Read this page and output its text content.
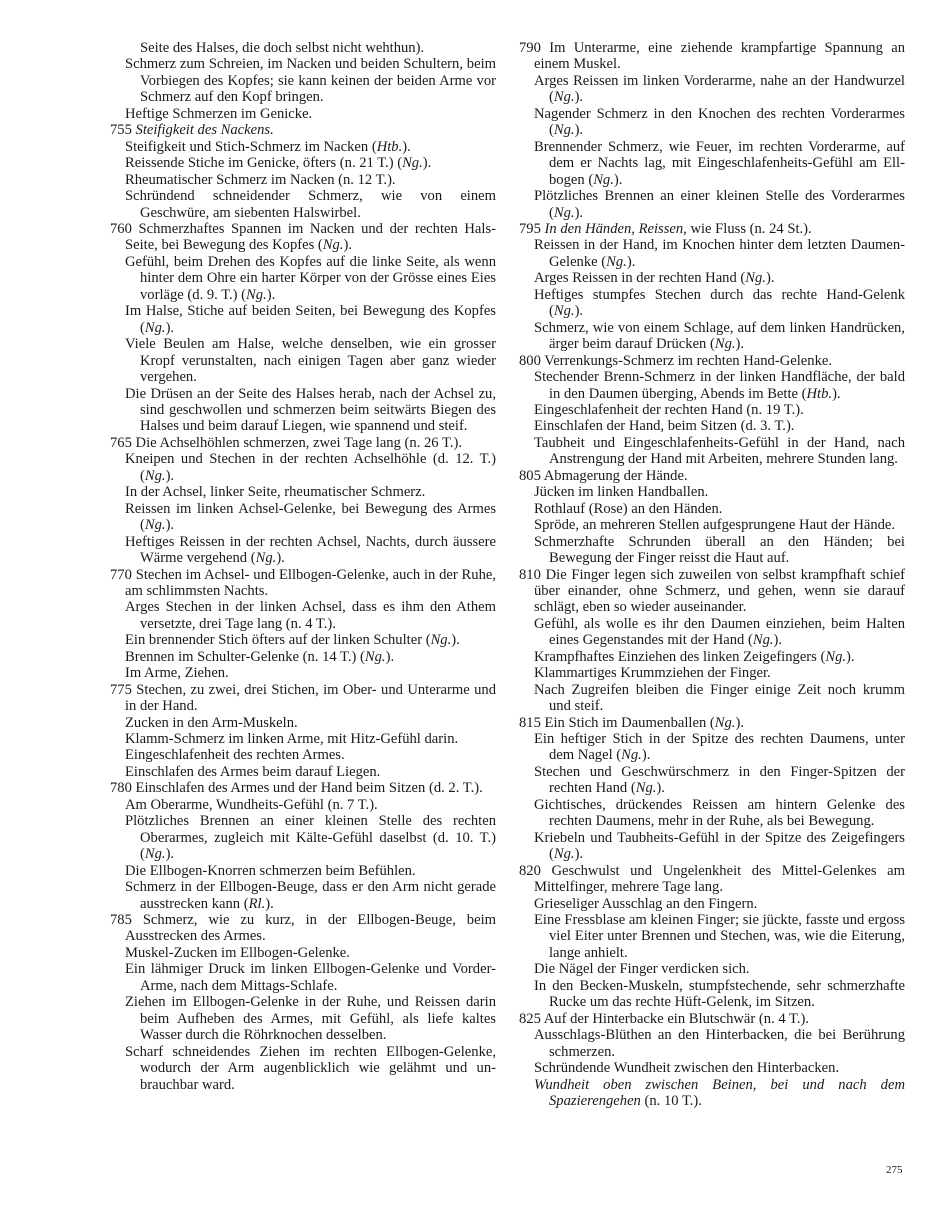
Seite des Halses, die doch selbst nicht wehthun).
Schmerz zum Schreien, im Nacken und beiden Schultern, beim Vorbiegen des Kopfes; sie kann keinen der beiden Arme vor Schmerz auf den Kopf bringen.
Heftige Schmerzen im Genicke.
755 Steifigkeit des Nackens.
Steifigkeit und Stich-Schmerz im Nacken (Htb.).
Reissende Stiche im Genicke, öfters (n. 21 T.) (Ng.).
Rheumatischer Schmerz im Nacken (n. 12 T.).
Schründend schneidender Schmerz, wie von einem Geschwüre, am siebenten Halswirbel.
760 Schmerzhaftes Spannen im Nacken und der rechten Hals-Seite, bei Bewegung des Kopfes (Ng.).
Gefühl, beim Drehen des Kopfes auf die linke Seite, als wenn hinter dem Ohre ein harter Körper von der Grösse eines Eies vorläge (d. 9. T.) (Ng.).
Im Halse, Stiche auf beiden Seiten, bei Bewegung des Kopfes (Ng.).
Viele Beulen am Halse, welche denselben, wie ein grosser Kropf verunstalten, nach einigen Tagen aber ganz wieder vergehen.
Die Drüsen an der Seite des Halses herab, nach der Achsel zu, sind geschwollen und schmerzen beim seitwärts Biegen des Halses und beim darauf Liegen, wie spannend und steif.
765 Die Achselhöhlen schmerzen, zwei Tage lang (n. 26 T.).
Kneipen und Stechen in der rechten Achselhöhle (d. 12. T.) (Ng.).
In der Achsel, linker Seite, rheumatischer Schmerz.
Reissen im linken Achsel-Gelenke, bei Bewegung des Armes (Ng.).
Heftiges Reissen in der rechten Achsel, Nachts, durch äussere Wärme vergehend (Ng.).
770 Stechen im Achsel- und Ellbogen-Gelenke, auch in der Ruhe, am schlimmsten Nachts.
Arges Stechen in der linken Achsel, dass es ihm den Athem versetzte, drei Tage lang (n. 4 T.).
Ein brennender Stich öfters auf der linken Schulter (Ng.).
Brennen im Schulter-Gelenke (n. 14 T.) (Ng.).
Im Arme, Ziehen.
775 Stechen, zu zwei, drei Stichen, im Ober- und Unterarme und in der Hand.
Zucken in den Arm-Muskeln.
Klamm-Schmerz im linken Arme, mit Hitz-Gefühl darin.
Eingeschlafenheit des rechten Armes.
Einschlafen des Armes beim darauf Liegen.
780 Einschlafen des Armes und der Hand beim Sitzen (d. 2. T.).
Am Oberarme, Wundheits-Gefühl (n. 7 T.).
Plötzliches Brennen an einer kleinen Stelle des rechten Oberarmes, zugleich mit Kälte-Gefühl daselbst (d. 10. T.) (Ng.).
Die Ellbogen-Knorren schmerzen beim Befühlen.
Schmerz in der Ellbogen-Beuge, dass er den Arm nicht gerade ausstrecken kann (Rl.).
785 Schmerz, wie zu kurz, in der Ellbogen-Beuge, beim Ausstrecken des Armes.
Muskel-Zucken im Ellbogen-Gelenke.
Ein lähmiger Druck im linken Ellbogen-Gelenke und Vorder-Arme, nach dem Mittags-Schlafe.
Ziehen im Ellbogen-Gelenke in der Ruhe, und Reissen darin beim Aufheben des Armes, mit Gefühl, als liefe kaltes Wasser durch die Röhrknochen desselben.
Scharf schneidendes Ziehen im rechten Ellbogen-Gelenke, wodurch der Arm augenblicklich wie gelähmt und unbrauchbar ward.
790 Im Unterarme, eine ziehende krampfartige Spannung an einem Muskel.
Arges Reissen im linken Vorderarme, nahe an der Handwurzel (Ng.).
Nagender Schmerz in den Knochen des rechten Vorderarmes (Ng.).
Brennender Schmerz, wie Feuer, im rechten Vorderarme, auf dem er Nachts lag, mit Eingeschlafenheits-Gefühl am Ellbogen (Ng.).
Plötzliches Brennen an einer kleinen Stelle des Vorderarmes (Ng.).
795 In den Händen, Reissen, wie Fluss (n. 24 St.).
Reissen in der Hand, im Knochen hinter dem letzten Daumen-Gelenke (Ng.).
Arges Reissen in der rechten Hand (Ng.).
Heftiges stumpfes Stechen durch das rechte Hand-Gelenk (Ng.).
Schmerz, wie von einem Schlage, auf dem linken Handrücken, ärger beim darauf Drücken (Ng.).
800 Verrenkungs-Schmerz im rechten Hand-Gelenke.
Stechender Brenn-Schmerz in der linken Handfläche, der bald in den Daumen überging, Abends im Bette (Htb.).
Eingeschlafenheit der rechten Hand (n. 19 T.).
Einschlafen der Hand, beim Sitzen (d. 3. T.).
Taubheit und Eingeschlafenheits-Gefühl in der Hand, nach Anstrengung der Hand mit Arbeiten, mehrere Stunden lang.
805 Abmagerung der Hände.
Jücken im linken Handballen.
Rothlauf (Rose) an den Händen.
Spröde, an mehreren Stellen aufgesprungene Haut der Hände.
Schmerzhafte Schrunden überall an den Händen; bei Bewegung der Finger reisst die Haut auf.
810 Die Finger legen sich zuweilen von selbst krampfhaft schief über einander, ohne Schmerz, und gehen, wenn sie darauf schlägt, eben so wieder auseinander.
Gefühl, als wolle es ihr den Daumen einziehen, beim Halten eines Gegenstandes mit der Hand (Ng.).
Krampfhaftes Einziehen des linken Zeigefingers (Ng.).
Klammartiges Krummziehen der Finger.
Nach Zugreifen bleiben die Finger einige Zeit noch krumm und steif.
815 Ein Stich im Daumenballen (Ng.).
Ein heftiger Stich in der Spitze des rechten Daumens, unter dem Nagel (Ng.).
Stechen und Geschwürschmerz in den Finger-Spitzen der rechten Hand (Ng.).
Gichtisches, drückendes Reissen am hintern Gelenke des rechten Daumens, mehr in der Ruhe, als bei Bewegung.
Kriebeln und Taubheits-Gefühl in der Spitze des Zeigefingers (Ng.).
820 Geschwulst und Ungelenkheit des Mittel-Gelenkes am Mittelfinger, mehrere Tage lang.
Grieseliger Ausschlag an den Fingern.
Eine Fressblase am kleinen Finger; sie jückte, fasste und ergoss viel Eiter unter Brennen und Stechen, was, wie die Eiterung, lange anhielt.
Die Nägel der Finger verdicken sich.
In den Becken-Muskeln, stumpfstechende, sehr schmerzhafte Rucke um das rechte Hüft-Gelenk, im Sitzen.
825 Auf der Hinterbacke ein Blutschwär (n. 4 T.).
Ausschlags-Blüthen an den Hinterbacken, die bei Berührung schmerzen.
Schründende Wundheit zwischen den Hinterbacken.
Wundheit oben zwischen Beinen, bei und nach dem Spazierengehen (n. 10 T.).
275
